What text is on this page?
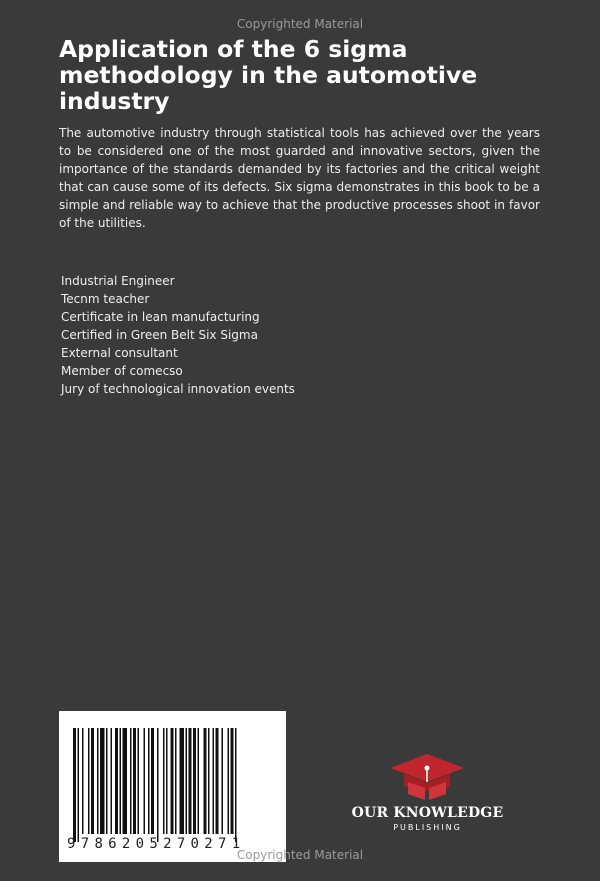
Copyrighted Material
Application of the 6 sigma methodology in the automotive industry

The automotive industry through statistical tools has achieved over the years to be considered one of the most guarded and innovative sectors, given the importance of the standards demanded by its factories and the critical weight that can cause some of its defects. Six sigma demonstrates in this book to be a simple and reliable way to achieve that the productive processes shoot in favor of the utilities.

Industrial Engineer
Tecnm teacher
Certificate in lean manufacturing
Certified in Green Belt Six Sigma
External consultant
Member of comecso
Jury of technological innovation events
9786205270271
Copyrighted Material
OUR KNOWLEDGE
PUBLISHING
